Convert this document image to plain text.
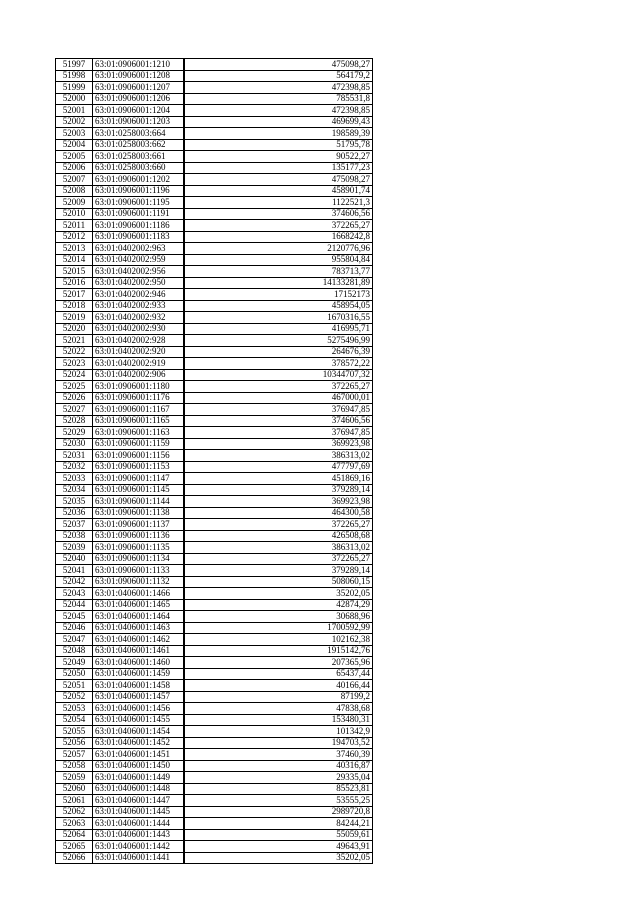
51997	63:01:0906001:1210	475098,27
51998	63:01:0906001:1208	564179,2
51999	63:01:0906001:1207	472398,85
52000	63:01:0906001:1206	785531,8
52001	63:01:0906001:1204	472398,85
52002	63:01:0906001:1203	469699,43
52003	63:01:0258003:664	198589,39
52004	63:01:0258003:662	51795,78
52005	63:01:0258003:661	90522,27
52006	63:01:0258003:660	135177,23
52007	63:01:0906001:1202	475098,27
52008	63:01:0906001:1196	458901,74
52009	63:01:0906001:1195	1122521,3
52010	63:01:0906001:1191	374606,56
52011	63:01:0906001:1186	372265,27
52012	63:01:0906001:1183	1668242,8
52013	63:01:0402002:963	2120776,96
52014	63:01:0402002:959	955804,84
52015	63:01:0402002:956	783713,77
52016	63:01:0402002:950	14133281,89
52017	63:01:0402002:946	17152173
52018	63:01:0402002:933	458954,05
52019	63:01:0402002:932	1670316,55
52020	63:01:0402002:930	416995,71
52021	63:01:0402002:928	5275496,99
52022	63:01:0402002:920	264676,39
52023	63:01:0402002:919	378572,22
52024	63:01:0402002:906	10344707,32
52025	63:01:0906001:1180	372265,27
52026	63:01:0906001:1176	467000,01
52027	63:01:0906001:1167	376947,85
52028	63:01:0906001:1165	374606,56
52029	63:01:0906001:1163	376947,85
52030	63:01:0906001:1159	369923,98
52031	63:01:0906001:1156	386313,02
52032	63:01:0906001:1153	477797,69
52033	63:01:0906001:1147	451869,16
52034	63:01:0906001:1145	379289,14
52035	63:01:0906001:1144	369923,98
52036	63:01:0906001:1138	464300,58
52037	63:01:0906001:1137	372265,27
52038	63:01:0906001:1136	426508,68
52039	63:01:0906001:1135	386313,02
52040	63:01:0906001:1134	372265,27
52041	63:01:0906001:1133	379289,14
52042	63:01:0906001:1132	508060,15
52043	63:01:0406001:1466	35202,05
52044	63:01:0406001:1465	42874,29
52045	63:01:0406001:1464	30688,96
52046	63:01:0406001:1463	1700592,99
52047	63:01:0406001:1462	102162,38
52048	63:01:0406001:1461	1915142,76
52049	63:01:0406001:1460	207365,96
52050	63:01:0406001:1459	65437,44
52051	63:01:0406001:1458	40166,44
52052	63:01:0406001:1457	87199,2
52053	63:01:0406001:1456	47838,68
52054	63:01:0406001:1455	153480,31
52055	63:01:0406001:1454	101342,9
52056	63:01:0406001:1452	194703,52
52057	63:01:0406001:1451	37460,39
52058	63:01:0406001:1450	40316,87
52059	63:01:0406001:1449	29335,04
52060	63:01:0406001:1448	85523,81
52061	63:01:0406001:1447	53555,25
52062	63:01:0406001:1445	2989720,8
52063	63:01:0406001:1444	84244,21
52064	63:01:0406001:1443	55059,61
52065	63:01:0406001:1442	49643,91
52066	63:01:0406001:1441	35202,05
